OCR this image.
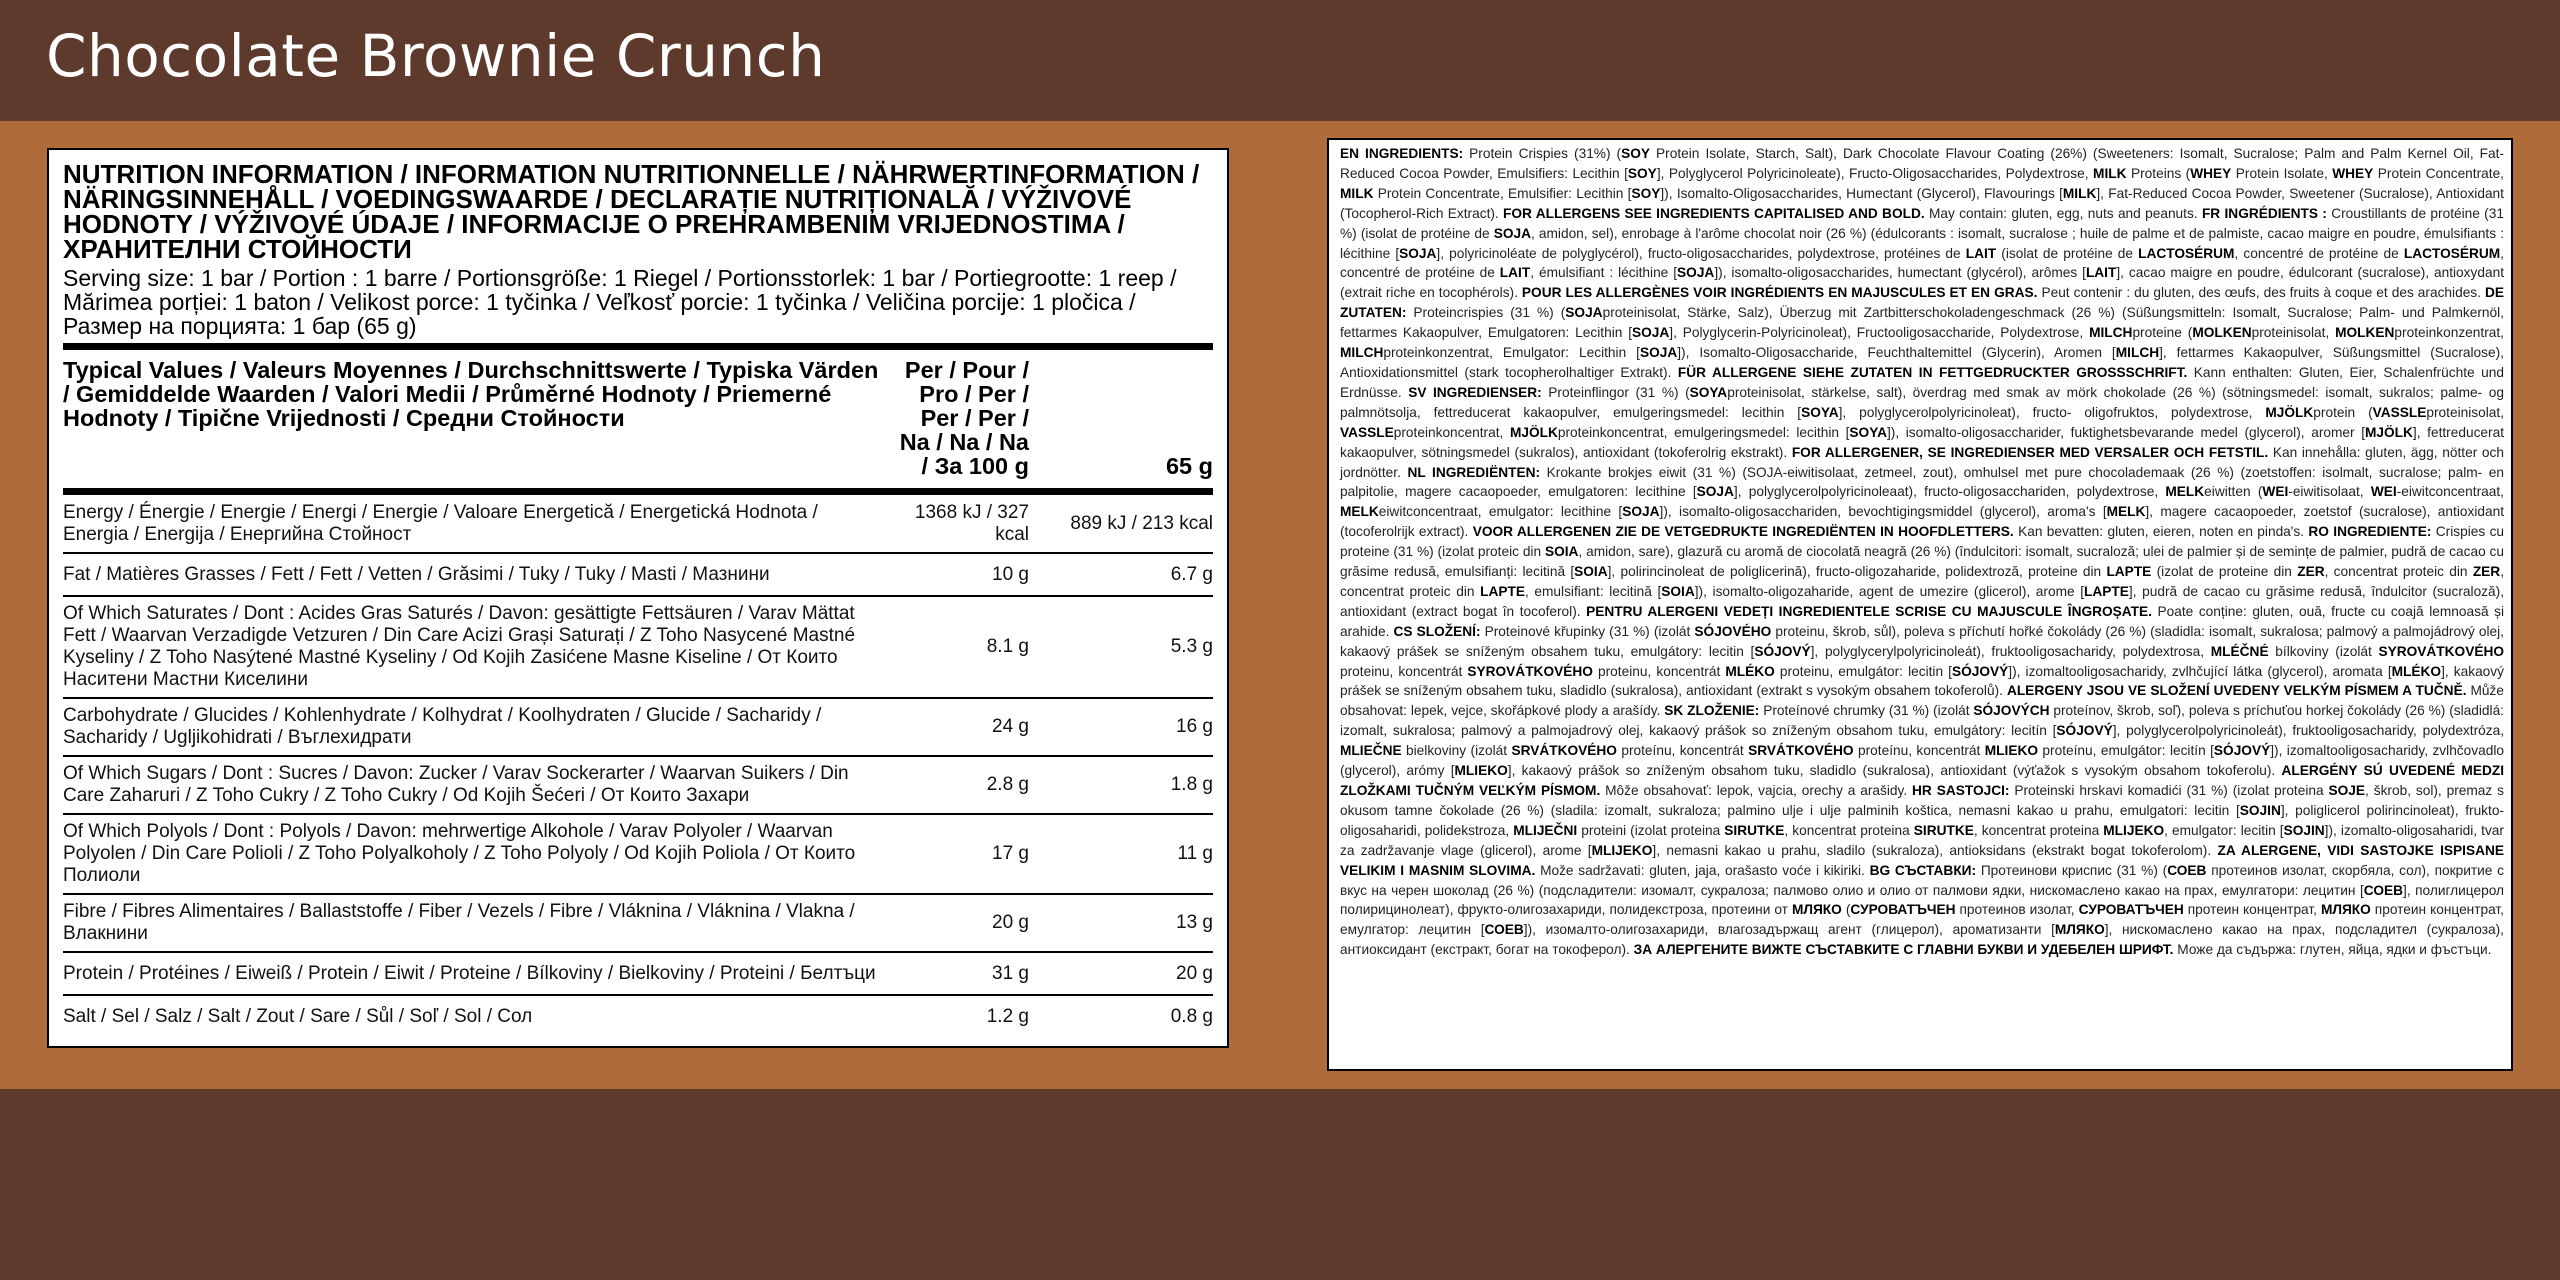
Chocolate Brownie Crunch
NUTRITION INFORMATION / INFORMATION NUTRITIONNELLE / NÄHRWERTINFORMATION / NÄRINGSINNEHÅLL / VOEDINGSWAARDE / DECLARAȚIE NUTRIȚIONALĂ / VÝŽIVOVÉ HODNOTY / VÝŽIVOVÉ ÚDAJE / INFORMACIJE O PREHRAMBENIM VRIJEDNOSTIMA / ХРАНИТЕЛНИ СТОЙНОСТИ
Serving size: 1 bar / Portion : 1 barre / Portionsgröße: 1 Riegel / Portionsstorlek: 1 bar / Portiegrootte: 1 reep / Mărimea porției: 1 baton / Velikost porce: 1 tyčinka / Veľkosť porcie: 1 tyčinka / Veličina porcije: 1 pločica / Размер на порцията: 1 бар (65 g)
Typical Values / Valeurs Moyennes / Durchschnittswerte / Typiska Värden / Gemiddelde Waarden / Valori Medii / Průměrné Hodnoty / Priemerné Hodnoty / Tipične Vrijednosti / Средни Стойности	Per / Pour / Pro / Per / Per / Per / Na / Na / Na / За 100 g	65 g
Energy / Énergie / Energie / Energi / Energie / Valoare Energetică / Energetická Hodnota / Energia / Energija / Енергийна Стойност	1368 kJ / 327 kcal	889 kJ / 213 kcal
Fat / Matières Grasses / Fett / Fett / Vetten / Grăsimi / Tuky / Tuky / Masti / Мазнини	10 g	6.7 g
Of Which Saturates / Dont : Acides Gras Saturés / Davon: gesättigte Fettsäuren / Varav Mättat Fett / Waarvan Verzadigde Vetzuren / Din Care Acizi Grași Saturați / Z Toho Nasycené Mastné Kyseliny / Z Toho Nasýtené Mastné Kyseliny / Od Kojih Zasićene Masne Kiseline / От Които Наситени Мастни Киселини	8.1 g	5.3 g
Carbohydrate / Glucides / Kohlenhydrate / Kolhydrat / Koolhydraten / Glucide / Sacharidy / Sacharidy / Ugljikohidrati / Въглехидрати	24 g	16 g
Of Which Sugars / Dont : Sucres / Davon: Zucker / Varav Sockerarter / Waarvan Suikers / Din Care Zaharuri / Z Toho Cukry / Z Toho Cukry / Od Kojih Šećeri / От Които Захари	2.8 g	1.8 g
Of Which Polyols / Dont : Polyols / Davon: mehrwertige Alkohole / Varav Polyoler / Waarvan Polyolen / Din Care Polioli / Z Toho Polyalkoholy / Z Toho Polyoly / Od Kojih Poliola / От Които Полиоли	17 g	11 g
Fibre / Fibres Alimentaires / Ballaststoffe / Fiber / Vezels / Fibre / Vláknina / Vláknina / Vlakna / Влакнини	20 g	13 g
Protein / Protéines / Eiweiß / Protein / Eiwit / Proteine / Bílkoviny / Bielkoviny / Proteini / Белтъци	31 g	20 g
Salt / Sel / Salz / Salt / Zout / Sare / Sůl / Soľ / Sol / Сол	1.2 g	0.8 g
EN INGREDIENTS: Protein Crispies (31%) (SOY Protein Isolate, Starch, Salt), Dark Chocolate Flavour Coating (26%) (Sweeteners: Isomalt, Sucralose; Palm and Palm Kernel Oil, Fat-Reduced Cocoa Powder, Emulsifiers: Lecithin [SOY], Polyglycerol Polyricinoleate), Fructo-Oligosaccharides, Polydextrose, MILK Proteins (WHEY Protein Isolate, WHEY Protein Concentrate, MILK Protein Concentrate, Emulsifier: Lecithin [SOY]), Isomalto-Oligosaccharides, Humectant (Glycerol), Flavourings [MILK], Fat-Reduced Cocoa Powder, Sweetener (Sucralose), Antioxidant (Tocopherol-Rich Extract). FOR ALLERGENS SEE INGREDIENTS CAPITALISED AND BOLD. May contain: gluten, egg, nuts and peanuts. FR INGRÉDIENTS : Croustillants de protéine (31 %) (isolat de protéine de SOJA, amidon, sel), enrobage à l'arôme chocolat noir (26 %) (édulcorants : isomalt, sucralose ; huile de palme et de palmiste, cacao maigre en poudre, émulsifiants : lécithine [SOJA], polyricinoléate de polyglycérol), fructo-oligosaccharides, polydextrose, protéines de LAIT (isolat de protéine de LACTOSÉRUM, concentré de protéine de LACTOSÉRUM, concentré de protéine de LAIT, émulsifiant : lécithine [SOJA]), isomalto-oligosaccharides, humectant (glycérol), arômes [LAIT], cacao maigre en poudre, édulcorant (sucralose), antioxydant (extrait riche en tocophérols). POUR LES ALLERGÈNES VOIR INGRÉDIENTS EN MAJUSCULES ET EN GRAS. Peut contenir : du gluten, des œufs, des fruits à coque et des arachides. DE ZUTATEN: Proteincrispies (31 %) (SOJAproteinisolat, Stärke, Salz), Überzug mit Zartbitterschokoladengeschmack (26 %) (Süßungsmitteln: Isomalt, Sucralose; Palm- und Palmkernöl, fettarmes Kakaopulver, Emulgatoren: Lecithin [SOJA], Polyglycerin-Polyricinoleat), Fructooligosaccharide, Polydextrose, MILCHproteine (MOLKENproteinisolat, MOLKENproteinkonzentrat, MILCHproteinkonzentrat, Emulgator: Lecithin [SOJA]), Isomalto-Oligosaccharide, Feuchthaltemittel (Glycerin), Aromen [MILCH], fettarmes Kakaopulver, Süßungsmittel (Sucralose), Antioxidationsmittel (stark tocopherolhaltiger Extrakt). FÜR ALLERGENE SIEHE ZUTATEN IN FETTGEDRUCKTER GROSSSCHRIFT. Kann enthalten: Gluten, Eier, Schalenfrüchte und Erdnüsse. SV INGREDIENSER: Proteinflingor (31 %) (SOYAproteinisolat, stärkelse, salt), överdrag med smak av mörk chokolade (26 %) (sötningsmedel: isomalt, sukralos; palme- og palmnötsolja, fettreducerat kakaopulver, emulgeringsmedel: lecithin [SOYA], polyglycerolpolyricinoleat), fructo- oligofruktos, polydextrose, MJÖLKprotein (VASSLEproteinisolat, VASSLEproteinkoncentrat, MJÖLKproteinkoncentrat, emulgeringsmedel: lecithin [SOYA]), isomalto-oligosaccharider, fuktighetsbevarande medel (glycerol), aromer [MJÖLK], fettreducerat kakaopulver, sötningsmedel (sukralos), antioxidant (tokoferolrig ekstrakt). FOR ALLERGENER, SE INGREDIENSER MED VERSALER OCH FETSTIL. Kan innehålla: gluten, ägg, nötter och jordnötter. NL INGREDIËNTEN: Krokante brokjes eiwit (31 %) (SOJA-eiwitisolaat, zetmeel, zout), omhulsel met pure chocolademaak (26 %) (zoetstoffen: isolmalt, sucralose; palm- en palpitolie, magere cacaopoeder, emulgatoren: lecithine [SOJA], polyglycerolpolyricinoleaat), fructo-oligosacchariden, polydextrose, MELKeiwitten (WEI-eiwitisolaat, WEI-eiwitconcentraat, MELKeiwitconcentraat, emulgator: lecithine [SOJA]), isomalto-oligosacchariden, bevochtigingsmiddel (glycerol), aroma's [MELK], magere cacaopoeder, zoetstof (sucralose), antioxidant (tocoferolrijk extract). VOOR ALLERGENEN ZIE DE VETGEDRUKTE INGREDIËNTEN IN HOOFDLETTERS. Kan bevatten: gluten, eieren, noten en pinda's. RO INGREDIENTE: Crispies cu proteine (31 %) (izolat proteic din SOIA, amidon, sare), glazură cu aromă de ciocolată neagră (26 %) (îndulcitori: isomalt, sucraloză; ulei de palmier și de semințe de palmier, pudră de cacao cu grăsime redusă, emulsifianți: lecitină [SOIA], polirincinoleat de poliglicerină), fructo-oligozaharide, polidextroză, proteine din LAPTE (izolat de proteine din ZER, concentrat proteic din ZER, concentrat proteic din LAPTE, emulsifiant: lecitină [SOIA]), isomalto-oligozaharide, agent de umezire (glicerol), arome [LAPTE], pudră de cacao cu grăsime redusă, îndulcitor (sucraloză), antioxidant (extract bogat în tocoferol). PENTRU ALERGENI VEDEȚI INGREDIENTELE SCRISE CU MAJUSCULE ÎNGROȘATE. Poate conține: gluten, ouă, fructe cu coajă lemnoasă și arahide. CS SLOŽENÍ: Proteinové křupinky (31 %) (izolát SÓJOVÉHO proteinu, škrob, sůl), poleva s příchutí hořké čokolády (26 %) (sladidla: isomalt, sukralosa; palmový a palmojádrový olej, kakaový prášek se sníženým obsahem tuku, emulgátory: lecitin [SÓJOVÝ], polyglycerylpolyricinoleát), fruktooligosacharidy, polydextrosa, MLÉČNÉ bílkoviny (izolát SYROVÁTKOVÉHO proteinu, koncentrát SYROVÁTKOVÉHO proteinu, koncentrát MLÉKO proteinu, emulgátor: lecitin [SÓJOVÝ]), izomaltooligosacharidy, zvlhčující látka (glycerol), aromata [MLÉKO], kakaový prášek se sníženým obsahem tuku, sladidlo (sukralosa), antioxidant (extrakt s vysokým obsahem tokoferolů). ALERGENY JSOU VE SLOŽENÍ UVEDENY VELKÝM PÍSMEM A TUČNĚ. Může obsahovat: lepek, vejce, skořápkové plody a arašídy. SK ZLOŽENIE: Proteínové chrumky (31 %) (izolát SÓJOVÝCH proteínov, škrob, soľ), poleva s príchuťou horkej čokolády (26 %) (sladidlá: izomalt, sukralosa; palmový a palmojadrový olej, kakaový prášok so zníženým obsahom tuku, emulgátory: lecitín [SÓJOVÝ], polyglycerolpolyricinoleát), fruktooligosacharidy, polydextróza, MLIEČNE bielkoviny (izolát SRVÁTKOVÉHO proteínu, koncentrát SRVÁTKOVÉHO proteínu, koncentrát MLIEKO proteínu, emulgátor: lecitín [SÓJOVÝ]), izomaltooligosacharidy, zvlhčovadlo (glycerol), arómy [MLIEKO], kakaový prášok so zníženým obsahom tuku, sladidlo (sukralosa), antioxidant (výťažok s vysokým obsahom tokoferolu). ALERGÉNY SÚ UVEDENÉ MEDZI ZLOŽKAMI TUČNÝM VEĽKÝM PÍSMOM. Môže obsahovať: lepok, vajcia, orechy a arašidy. HR SASTOJCI: Proteinski hrskavi komadići (31 %) (izolat proteina SOJE, škrob, sol), premaz s okusom tamne čokolade (26 %) (sladila: izomalt, sukraloza; palmino ulje i ulje palminih koštica, nemasni kakao u prahu, emulgatori: lecitin [SOJIN], poliglicerol polirincinoleat), frukto-oligosaharidi, polidekstroza, MLIJEČNI proteini (izolat proteina SIRUTKE, koncentrat proteina SIRUTKE, koncentrat proteina MLIJEKO, emulgator: lecitin [SOJIN]), izomalto-oligosaharidi, tvar za zadržavanje vlage (glicerol), arome [MLIJEKO], nemasni kakao u prahu, sladilo (sukraloza), antioksidans (ekstrakt bogat tokoferolom). ZA ALERGENE, VIDI SASTOJKE ISPISANE VELIKIM I MASNIM SLOVIMA. Može sadržavati: gluten, jaja, orašasto voće i kikiriki. BG СЪСТАВКИ: Протеинови криспис (31 %) (СОЕВ протеинов изолат, скорбяла, сол), покритие с вкус на черен шоколад (26 %) (подсладители: изомалт, сукралоза; палмово олио и олио от палмови ядки, нискомаслено какао на прах, емулгатори: лецитин [СОЕВ], полиглицерол полирицинолеат), фрукто-олигозахариди, полидекстроза, протеини от МЛЯКО (СУРОВАТЪЧЕН протеинов изолат, СУРОВАТЪЧЕН протеин концентрат, МЛЯКО протеин концентрат, емулгатор: лецитин [СОЕВ]), изомалто-олигозахариди, влагозадържащ агент (глицерол), ароматизанти [МЛЯКО], нискомаслено какао на прах, подсладител (сукралоза), антиоксидант (екстракт, богат на токоферол). ЗА АЛЕРГЕНИТЕ ВИЖТЕ СЪСТАВКИТЕ С ГЛАВНИ БУКВИ И УДЕБЕЛЕН ШРИФТ. Може да съдържа: глутен, яйца, ядки и фъстъци.
